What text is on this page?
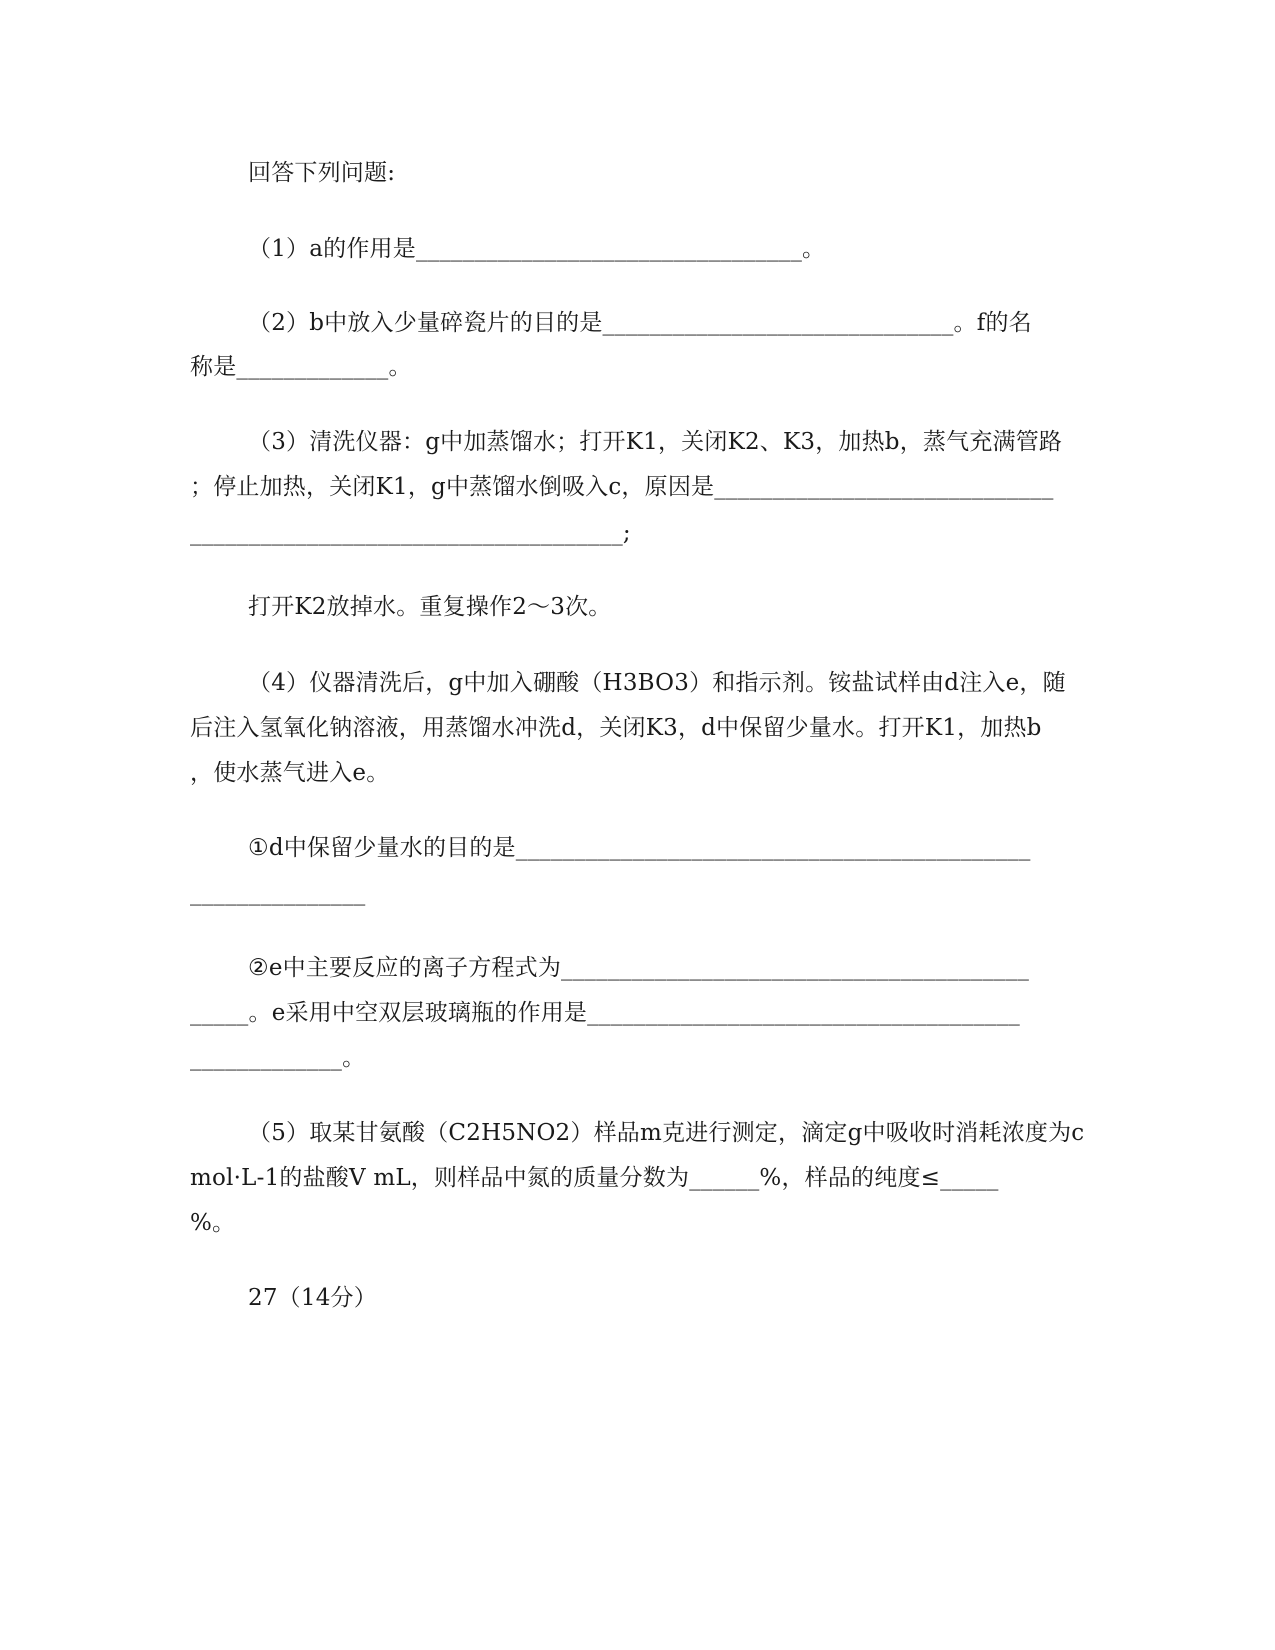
回答下列问题:
（1）a的作用是_________________________________。
（2）b中放入少量碎瓷片的目的是______________________________。f的名
称是_____________。
（3）清洗仪器：g中加蒸馏水；打开K1，关闭K2、K3，加热b，蒸气充满管路
；停止加热，关闭K1，g中蒸馏水倒吸入c，原因是_____________________________
_____________________________________;
打开K2放掉水。重复操作2～3次。
（4）仪器清洗后，g中加入硼酸（H3BO3）和指示剂。铵盐试样由d注入e，随
后注入氢氧化钠溶液，用蒸馏水冲洗d，关闭K3，d中保留少量水。打开K1，加热b
，使水蒸气进入e。
①d中保留少量水的目的是____________________________________________
_______________
②e中主要反应的离子方程式为________________________________________
_____。e采用中空双层玻璃瓶的作用是_____________________________________
_____________。
（5）取某甘氨酸（C2H5NO2）样品m克进行测定，滴定g中吸收时消耗浓度为c
mol·L-1的盐酸V mL，则样品中氮的质量分数为______%，样品的纯度≤_____
%。
27（14分）
